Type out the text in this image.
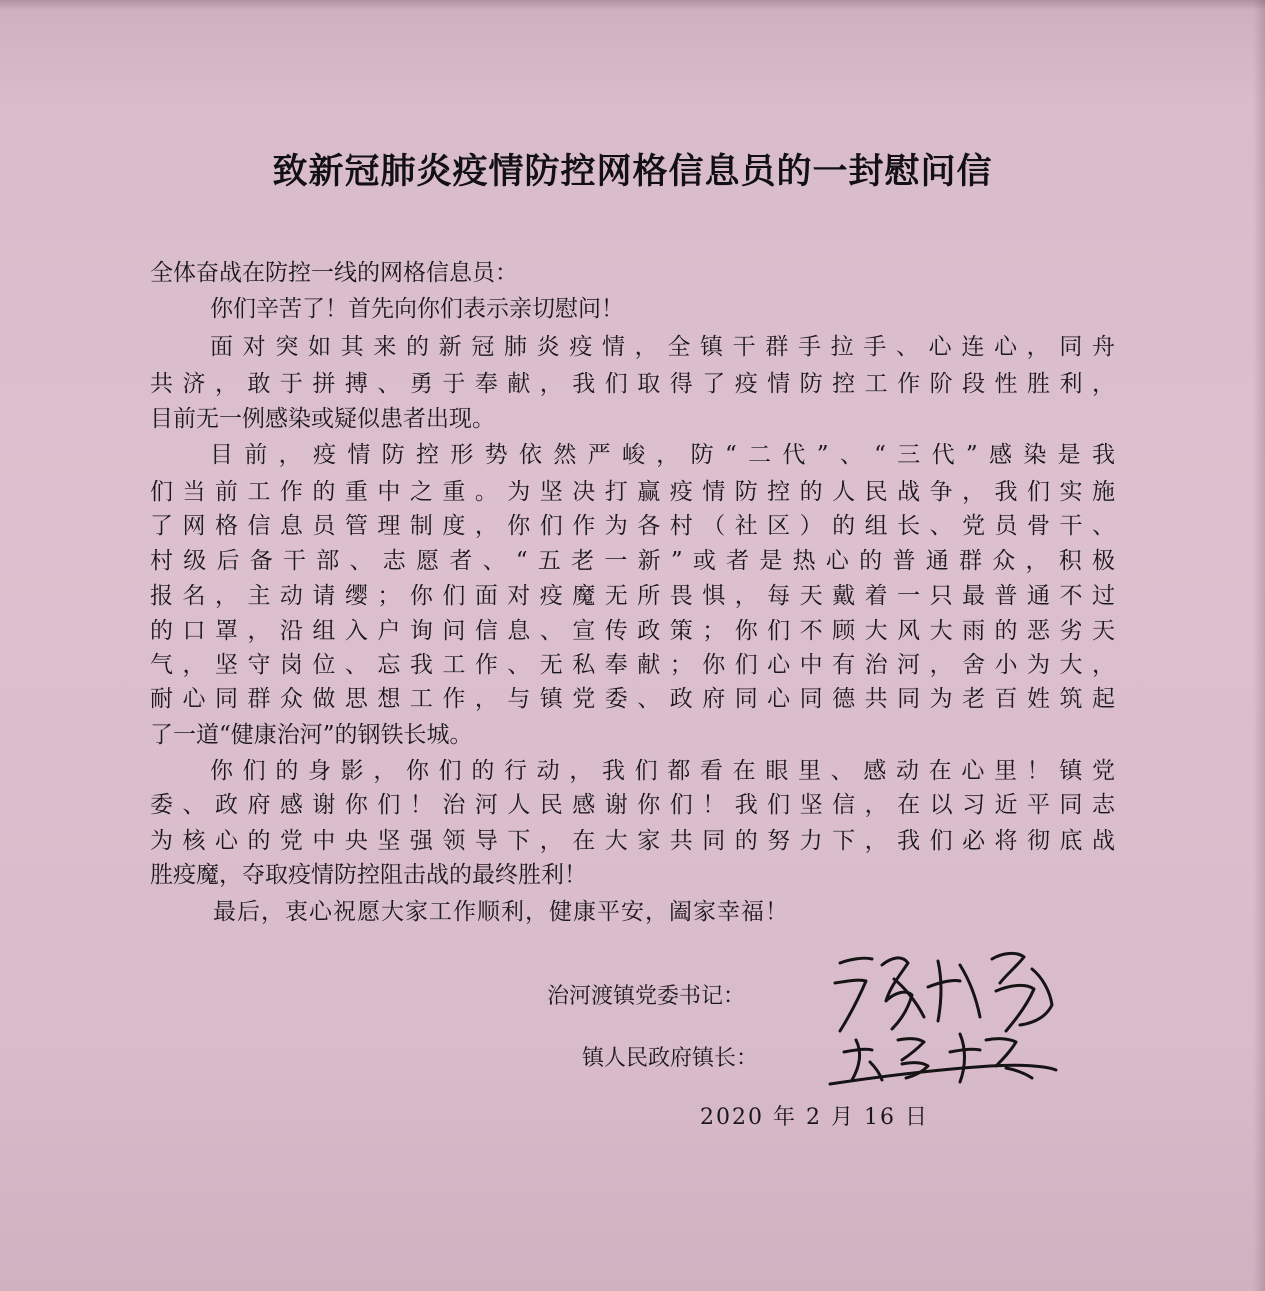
致新冠肺炎疫情防控网格信息员的一封慰问信
全体奋战在防控一线的网格信息员：
你们辛苦了！首先向你们表示亲切慰问！
面对突如其来的新冠肺炎疫情，全镇干群手拉手、心连心，同舟
共济，敢于拼搏、勇于奉献，我们取得了疫情防控工作阶段性胜利，
目前无一例感染或疑似患者出现。
目前，疫情防控形势依然严峻，防“二代”、“三代”感染是我
们当前工作的重中之重。为坚决打赢疫情防控的人民战争，我们实施
了网格信息员管理制度，你们作为各村（社区）的组长、党员骨干、
村级后备干部、志愿者、“五老一新”或者是热心的普通群众，积极
报名，主动请缨；你们面对疫魔无所畏惧，每天戴着一只最普通不过
的口罩，沿组入户询问信息、宣传政策；你们不顾大风大雨的恶劣天
气，坚守岗位、忘我工作、无私奉献；你们心中有治河，舍小为大，
耐心同群众做思想工作，与镇党委、政府同心同德共同为老百姓筑起
了一道“健康治河”的钢铁长城。
你们的身影，你们的行动，我们都看在眼里、感动在心里！镇党
委、政府感谢你们！治河人民感谢你们！我们坚信，在以习近平同志
为核心的党中央坚强领导下，在大家共同的努力下，我们必将彻底战
胜疫魔，夺取疫情防控阻击战的最终胜利！
最后，衷心祝愿大家工作顺利，健康平安，阖家幸福！
治河渡镇党委书记：
镇人民政府镇长：
2020 年 2 月 16 日
